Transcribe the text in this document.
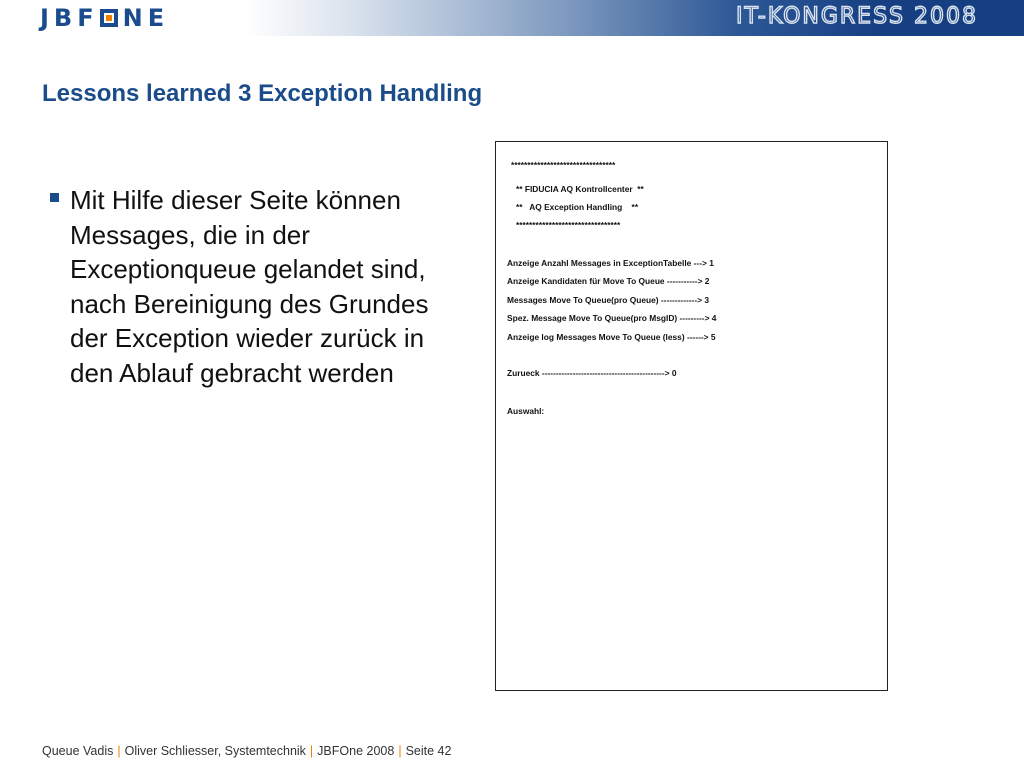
JBF NE	IT-KONGRESS 2008
Lessons learned 3 Exception Handling
Mit Hilfe dieser Seite können Messages, die in der Exceptionqueue gelandet sind, nach Bereinigung des Grundes der Exception wieder zurück in den Ablauf gebracht werden
********************************
** FIDUCIA AQ Kontrollcenter  **
**   AQ Exception Handling    **
********************************
Anzeige Anzahl Messages in ExceptionTabelle ---> 1
Anzeige Kandidaten für Move To Queue -----------> 2
Messages Move To Queue(pro Queue) -------------> 3
Spez. Message Move To Queue(pro MsgID) ---------> 4
Anzeige log Messages Move To Queue (less) ------> 5
Zurueck --------------------------------------------> 0
Auswahl:
Queue Vadis | Oliver Schliesser, Systemtechnik | JBFOne 2008 | Seite 42
